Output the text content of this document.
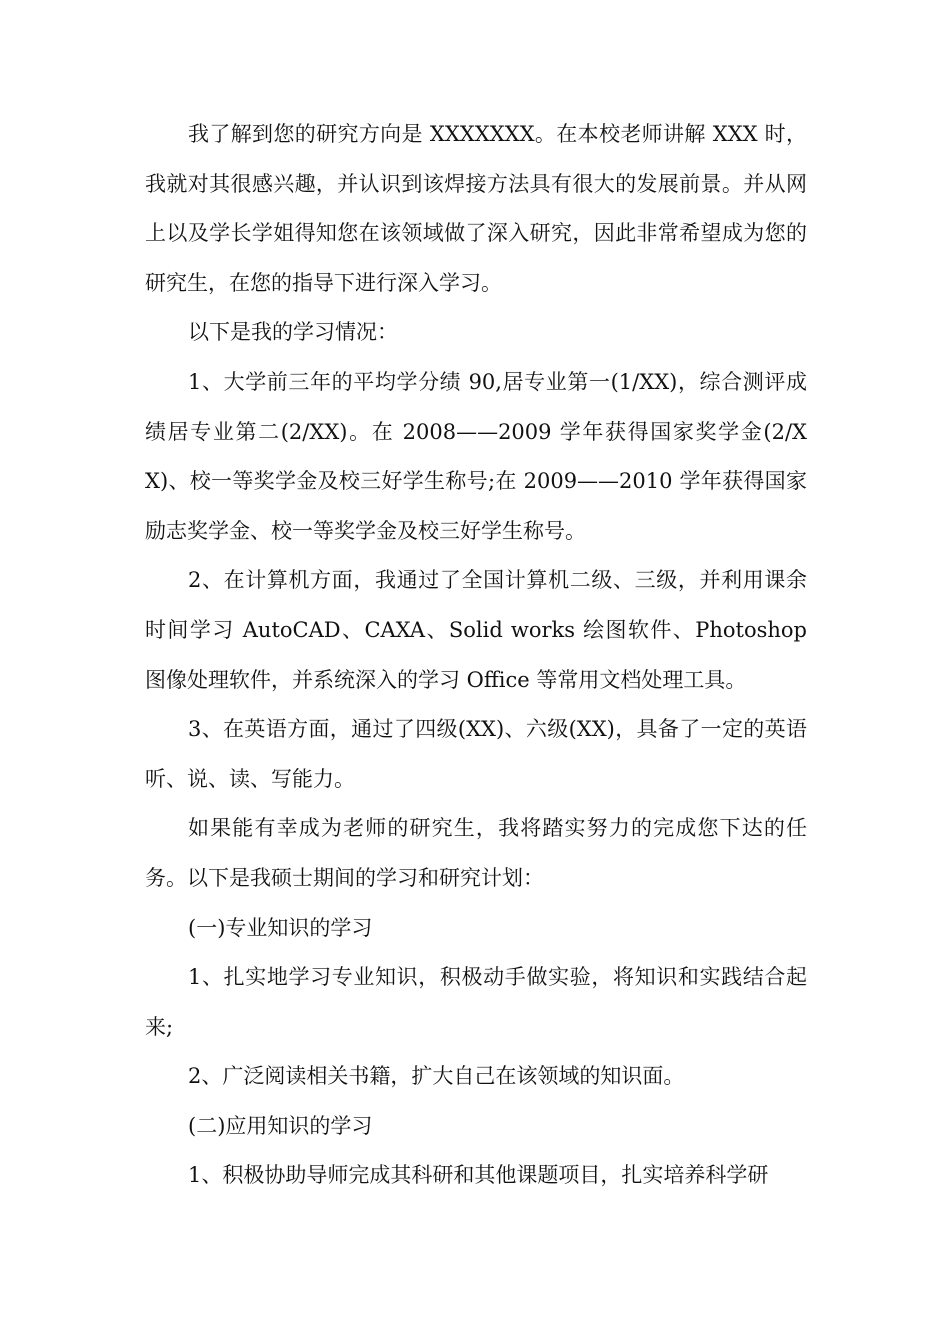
我了解到您的研究方向是 XXXXXXX。在本校老师讲解 XXX 时，我就对其很感兴趣，并认识到该焊接方法具有很大的发展前景。并从网上以及学长学姐得知您在该领域做了深入研究，因此非常希望成为您的研究生，在您的指导下进行深入学习。

以下是我的学习情况：

1、大学前三年的平均学分绩 90,居专业第一(1/XX)，综合测评成绩居专业第二(2/XX)。在 2008——2009 学年获得国家奖学金(2/XX)、校一等奖学金及校三好学生称号;在 2009——2010 学年获得国家励志奖学金、校一等奖学金及校三好学生称号。

2、在计算机方面，我通过了全国计算机二级、三级，并利用课余时间学习 AutoCAD、CAXA、Solid works 绘图软件、Photoshop 图像处理软件，并系统深入的学习 Office 等常用文档处理工具。

3、在英语方面，通过了四级(XX)、六级(XX)，具备了一定的英语听、说、读、写能力。

如果能有幸成为老师的研究生，我将踏实努力的完成您下达的任务。以下是我硕士期间的学习和研究计划：

(一)专业知识的学习

1、扎实地学习专业知识，积极动手做实验，将知识和实践结合起来;

2、广泛阅读相关书籍，扩大自己在该领域的知识面。

(二)应用知识的学习

1、积极协助导师完成其科研和其他课题项目，扎实培养科学研
